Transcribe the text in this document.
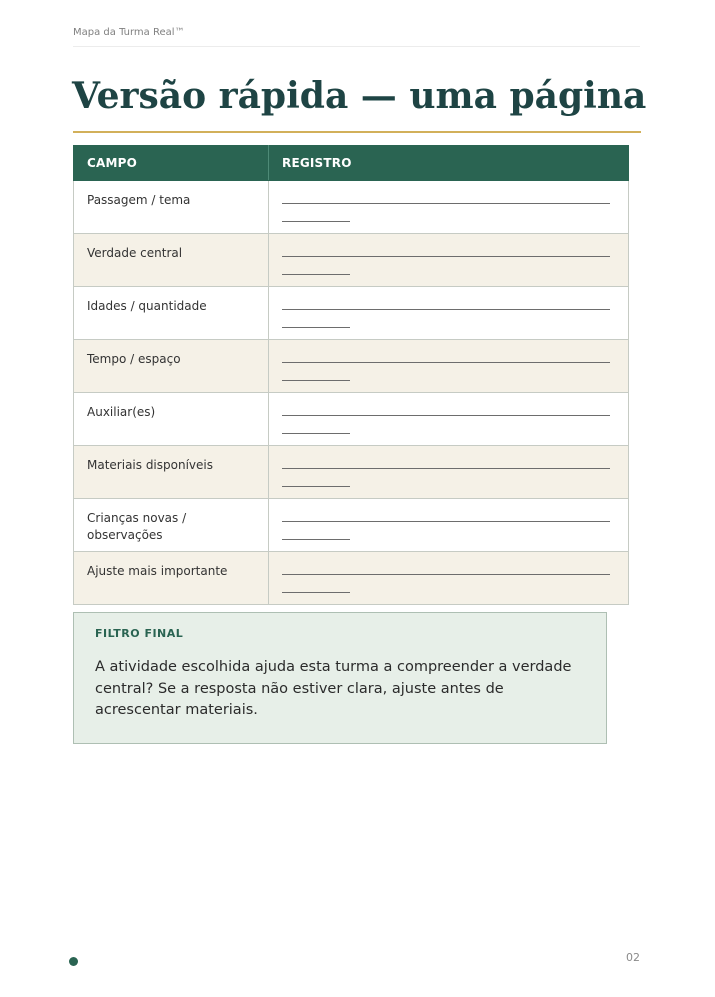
Mapa da Turma Real™
Versão rápida — uma página
CAMPO	REGISTRO
Passagem / tema	

Verdade central	

Idades / quantidade	

Tempo / espaço	

Auxiliar(es)	

Materiais disponíveis	

Crianças novas / observações	

Ajuste mais importante	
FILTRO FINAL
A atividade escolhida ajuda esta turma a compreender a verdade central? Se a resposta não estiver clara, ajuste antes de acrescentar materiais.
02
